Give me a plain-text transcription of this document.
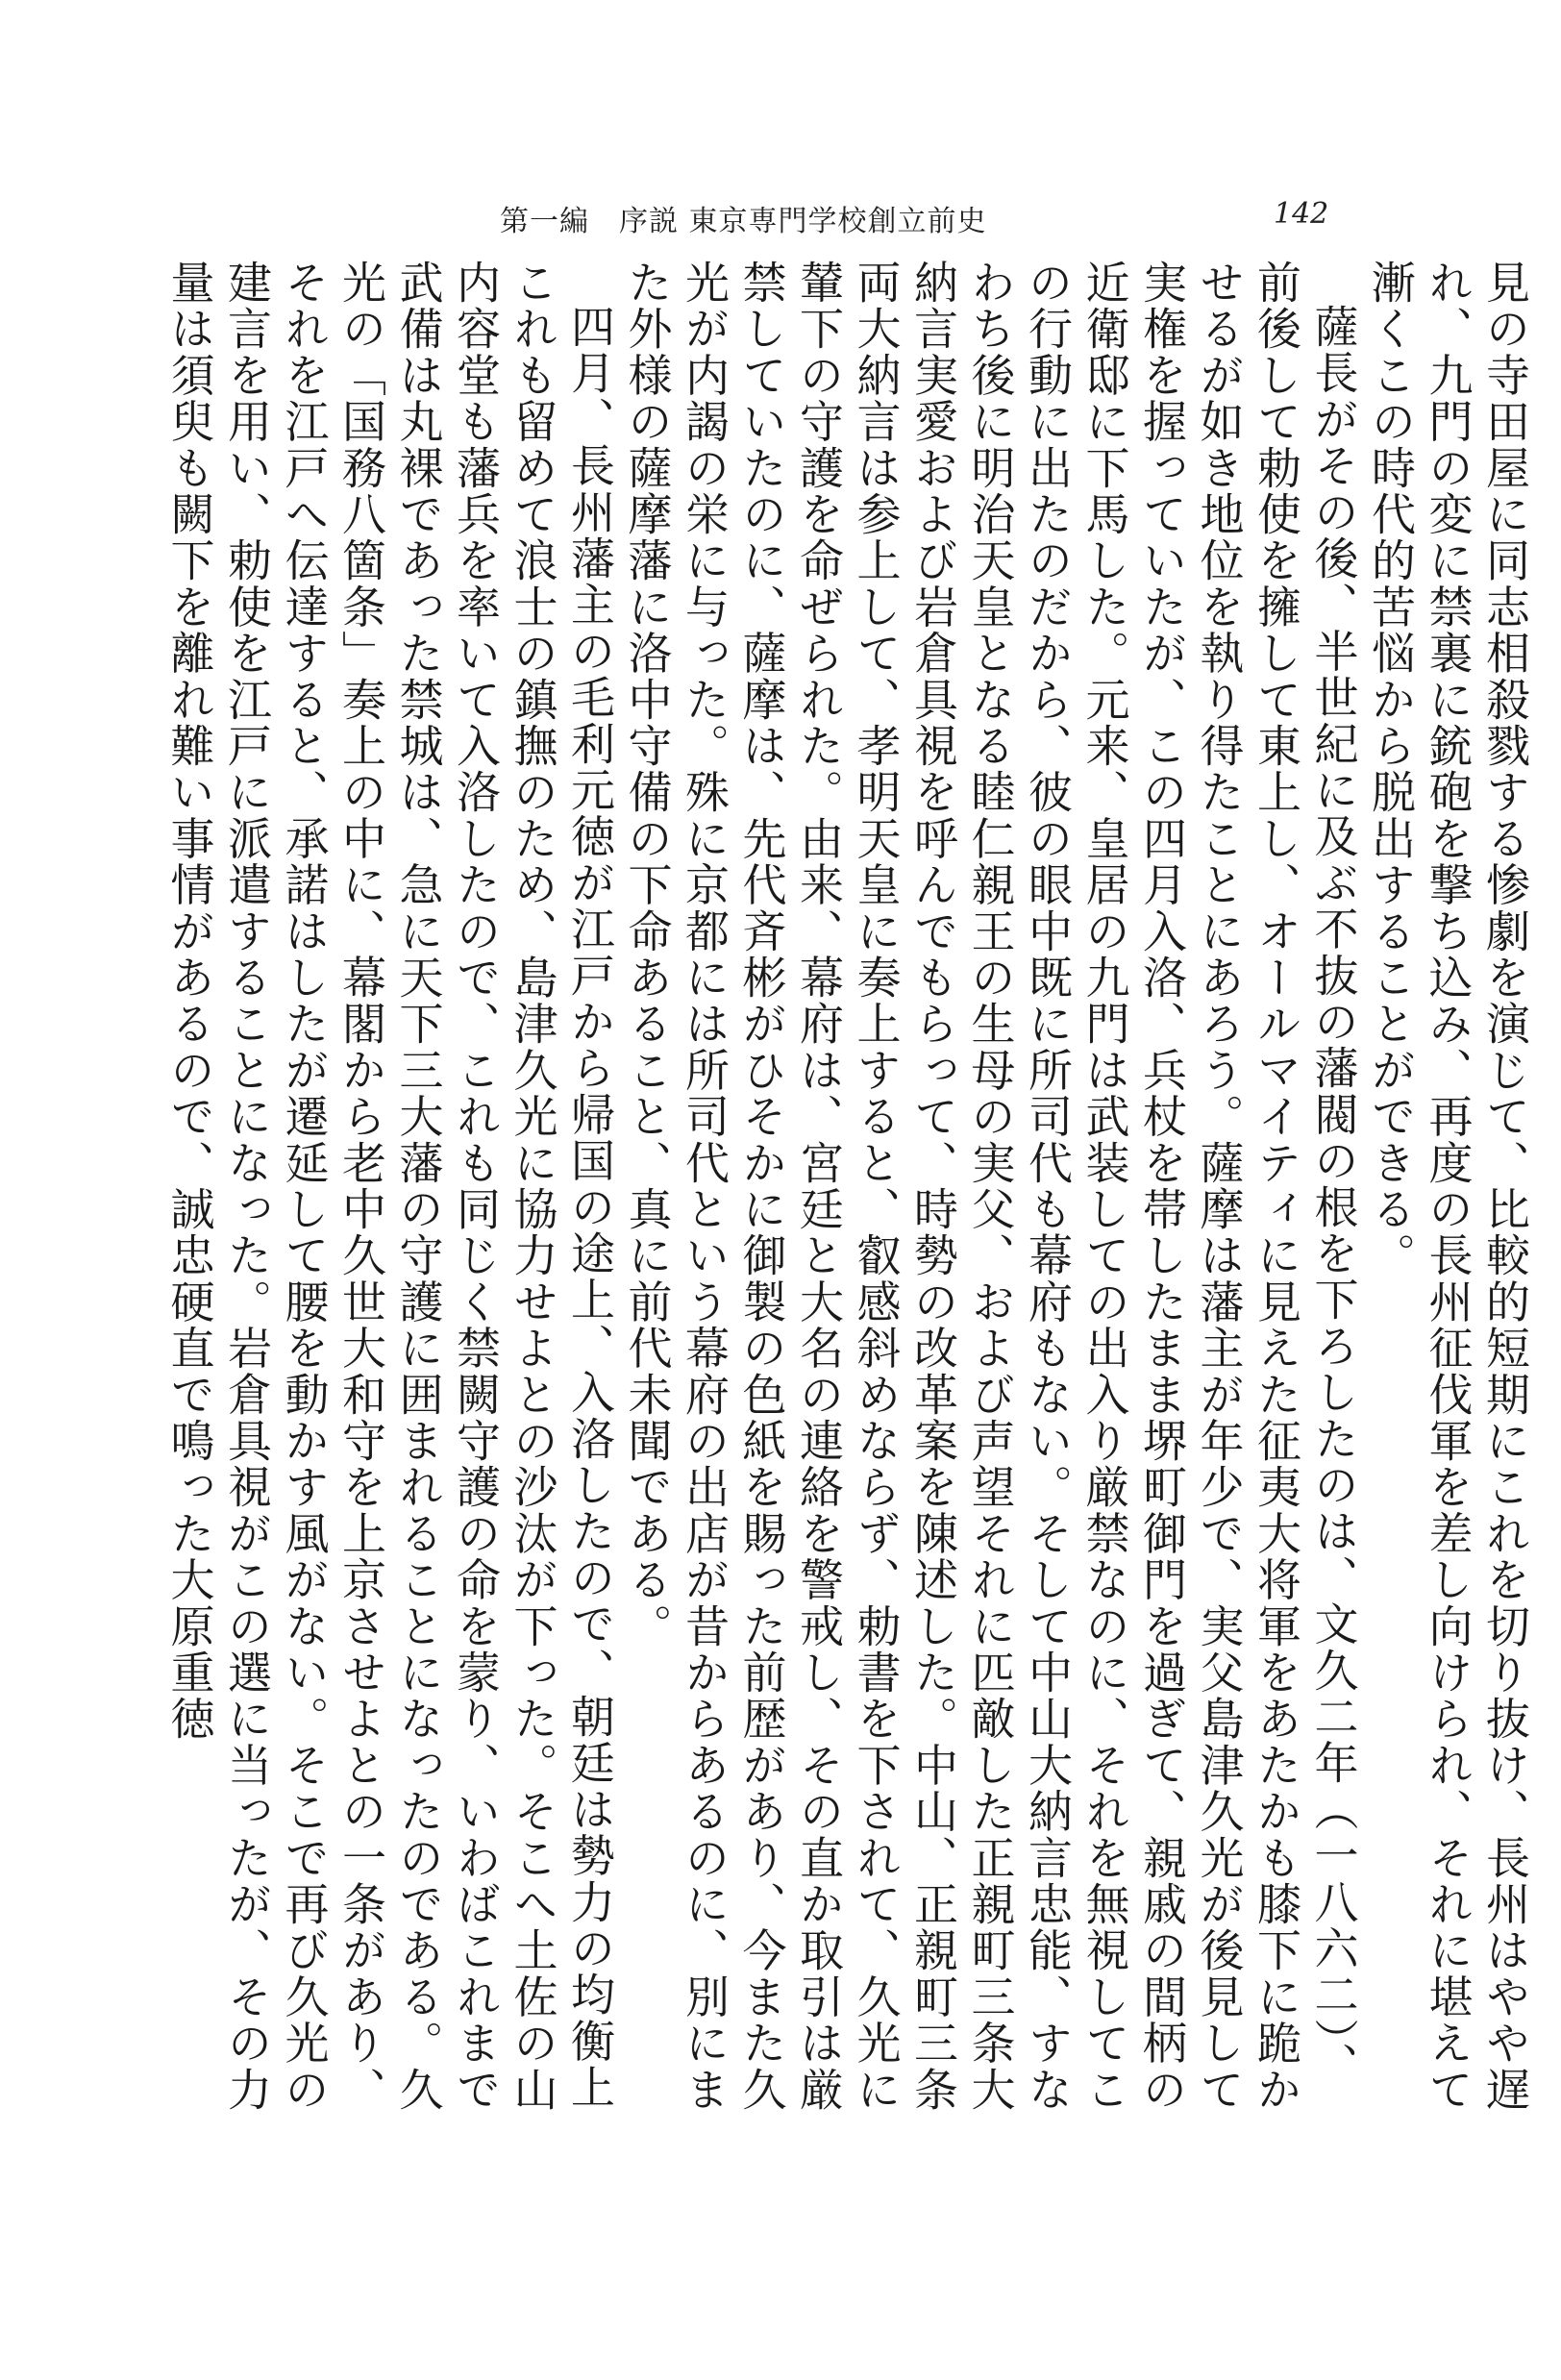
第一編　序説 東京専門学校創立前史	142

見の寺田屋に同志相殺戮する惨劇を演じて、比較的短期にこれを切り抜け、長州はやや遅れ、九門の変に禁裏に銃砲を撃ち込み、再度の長州征伐軍を差し向けられ、それに堪えて漸くこの時代的苦悩から脱出することができる。

薩長がその後、半世紀に及ぶ不抜の藩閥の根を下ろしたのは、文久二年（一八六二）、前後して勅使を擁して東上し、オールマイティに見えた征夷大将軍をあたかも膝下に跪かせるが如き地位を執り得たことにあろう。薩摩は藩主が年少で、実父島津久光が後見して実権を握っていたが、この四月入洛、兵杖を帯したまま堺町御門を過ぎて、親戚の間柄の近衛邸に下馬した。元来、皇居の九門は武装しての出入り厳禁なのに、それを無視してこの行動に出たのだから、彼の眼中既に所司代も幕府もない。そして中山大納言忠能、すなわち後に明治天皇となる睦仁親王の生母の実父、および声望それに匹敵した正親町三条大納言実愛および岩倉具視を呼んでもらって、時勢の改革案を陳述した。中山、正親町三条両大納言は参上して、孝明天皇に奏上すると、叡感斜めならず、勅書を下されて、久光に輦下の守護を命ぜられた。由来、幕府は、宮廷と大名の連絡を警戒し、その直か取引は厳禁していたのに、薩摩は、先代斉彬がひそかに御製の色紙を賜った前歴があり、今また久光が内謁の栄に与った。殊に京都には所司代という幕府の出店が昔からあるのに、別にまた外様の薩摩藩に洛中守備の下命あること、真に前代未聞である。

四月、長州藩主の毛利元徳が江戸から帰国の途上、入洛したので、朝廷は勢力の均衡上これも留めて浪士の鎮撫のため、島津久光に協力せよとの沙汰が下った。そこへ土佐の山内容堂も藩兵を率いて入洛したので、これも同じく禁闕守護の命を蒙り、いわばこれまで武備は丸裸であった禁城は、急に天下三大藩の守護に囲まれることになったのである。久光の「国務八箇条」奏上の中に、幕閣から老中久世大和守を上京させよとの一条があり、それを江戸へ伝達すると、承諾はしたが遷延して腰を動かす風がない。そこで再び久光の建言を用い、勅使を江戸に派遣することになった。岩倉具視がこの選に当ったが、その力量は須臾も闕下を離れ難い事情があるので、誠忠硬直で鳴った大原重徳
